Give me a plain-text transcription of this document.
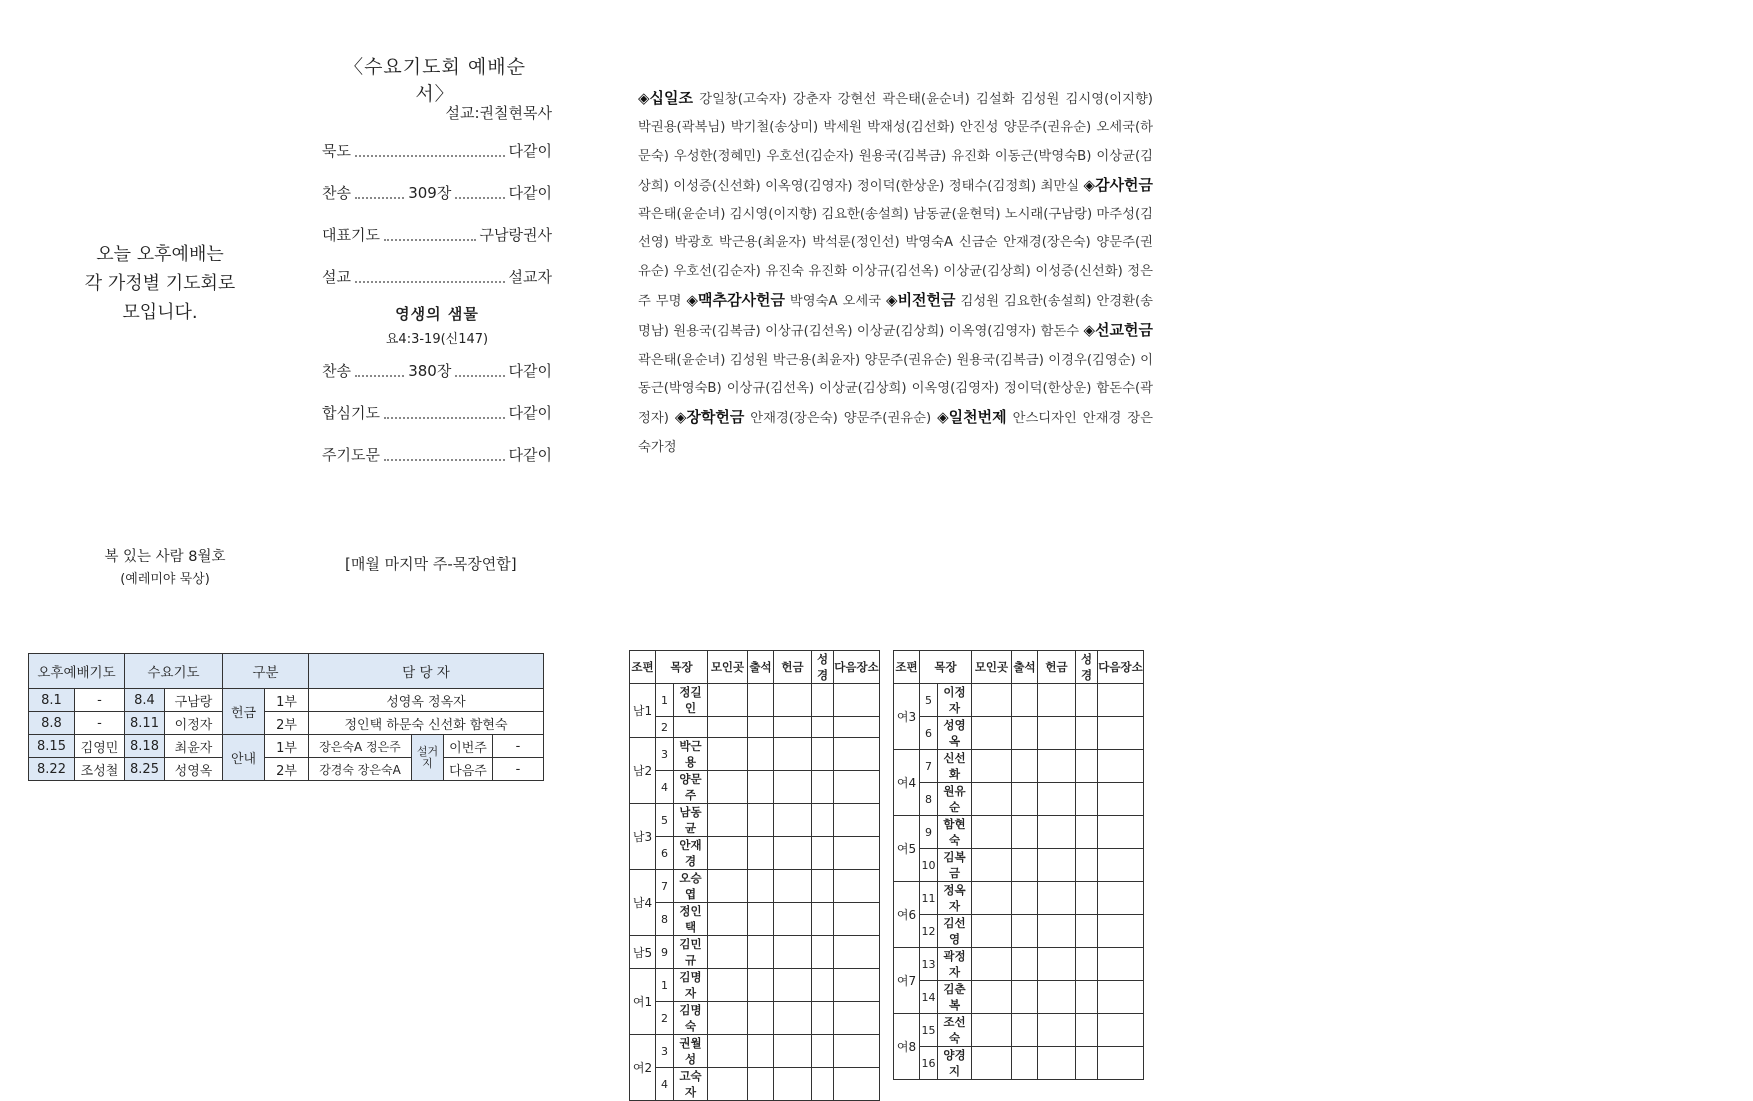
오늘 오후예배는
각 가정별 기도회로
모입니다.
〈수요기도회 예배순서〉
설교:권칠현목사
묵도	다같이
찬송	309장	다같이
대표기도	구남랑권사
설교	설교자
영생의 샘물
요4:3-19(신147)
찬송	380장	다같이
합심기도	다같이
주기도문	다같이
◈십일조 강일창(고숙자) 강춘자 강현선 곽은태(윤순녀) 김설화 김성원 김시영(이지향) 박권용(곽복님) 박기철(송상미) 박세원 박재성(김선화) 안진성 양문주(권유순) 오세국(하문숙) 우성한(정혜민) 우호선(김순자) 원용국(김복금) 유진화 이동근(박영숙B) 이상균(김상희) 이성증(신선화) 이옥영(김영자) 정이덕(한상운) 정태수(김정희) 최만실 ◈감사헌금 곽은태(윤순녀) 김시영(이지향) 김요한(송설희) 남동균(윤현덕) 노시래(구남랑) 마주성(김선영) 박광호 박근용(최윤자) 박석룬(정인선) 박영숙A 신금순 안재경(장은숙) 양문주(권유순) 우호선(김순자) 유진숙 유진화 이상규(김선옥) 이상균(김상희) 이성증(신선화) 정은주 무명 ◈맥추감사헌금 박영숙A 오세국 ◈비전헌금 김성원 김요한(송설희) 안경환(송명남) 원용국(김복금) 이상규(김선옥) 이상균(김상희) 이옥영(김영자) 함돈수 ◈선교헌금 곽은태(윤순녀) 김성원 박근용(최윤자) 양문주(권유순) 원용국(김복금) 이경우(김영순) 이동근(박영숙B) 이상규(김선옥) 이상균(김상희) 이옥영(김영자) 정이덕(한상운) 함돈수(곽정자) ◈장학헌금 안재경(장은숙) 양문주(권유순) ◈일천번제 안스디자인 안재경 장은숙가정
복 있는 사람 8월호
(예레미야 묵상)
[매월 마지막 주-목장연합]
오후예배기도		수요기도		구분		담 당 자			
8.1	-	8.4	구남랑	헌금	1부	성영옥 정옥자			
8.8	-	8.11	이정자		2부	정인택 하문숙 신선화 함현숙			
8.15	김영민	8.18	최윤자	안내	1부	장은숙A 정은주	설거지	이번주	-
8.22	조성철	8.25	성영옥		2부	강경숙 장은숙A		다음주	-
조편	목장		모인곳	출석	헌금	성경	다음장소
남1	1	정길인					
	2						
남2	3	박근용					
	4	양문주					
남3	5	남동균					
	6	안재경					
남4	7	오승엽					
	8	정인택					
남5	9	김민규					
여1	1	김명자					
	2	김명숙					
여2	3	권월성					
	4	고숙자					
조편	목장		모인곳	출석	헌금	성경	다음장소
여3	5	이정자					
	6	성영옥					
여4	7	신선화					
	8	원유순					
여5	9	함현숙					
	10	김복금					
여6	11	정옥자					
	12	김선영					
여7	13	곽정자					
	14	김춘복					
여8	15	조선숙					
	16	양경지					
